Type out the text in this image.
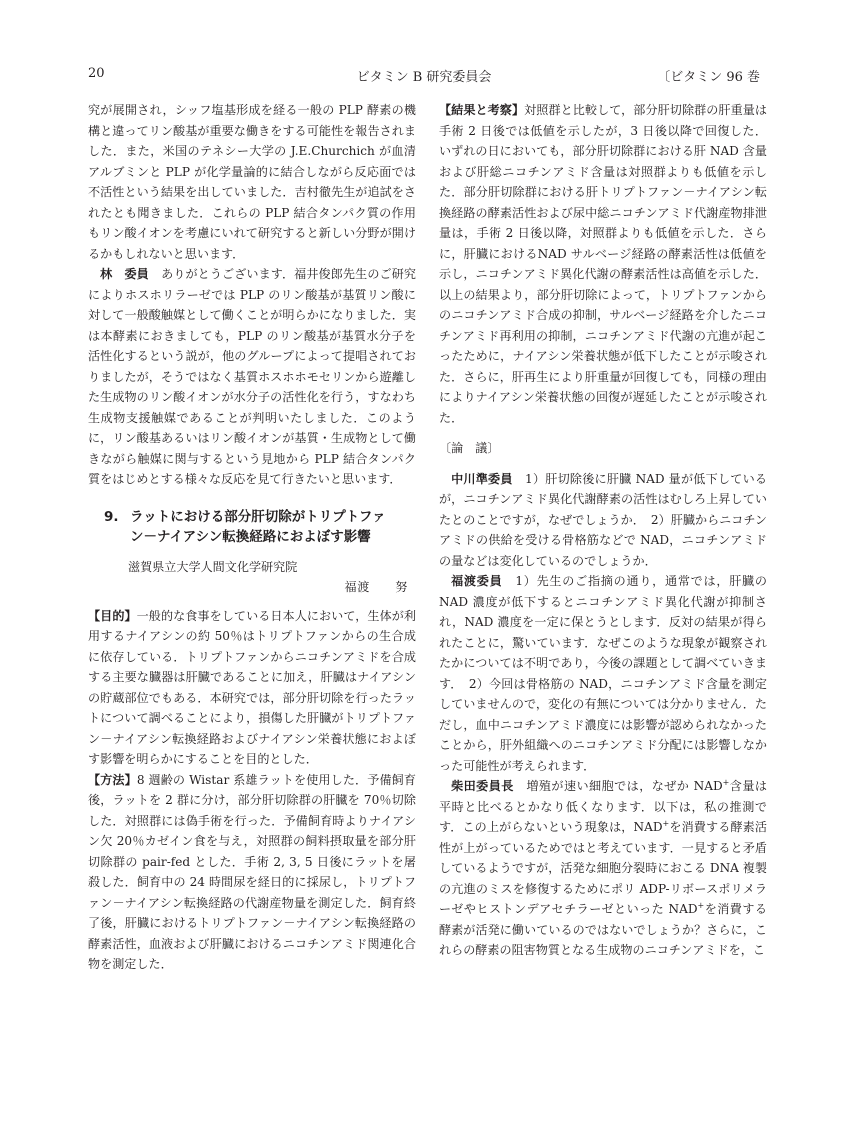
20	ビタミン B 研究委員会	〔ビタミン 96 巻

究が展開され，シッフ塩基形成を経る一般の PLP 酵素の機構と違ってリン酸基が重要な働きをする可能性を報告されました．また，米国のテネシー大学の J.E.Churchich が血清アルブミンと PLP が化学量論的に結合しながら反応面では不活性という結果を出していました．吉村徹先生が追試をされたとも聞きました．これらの PLP 結合タンパク質の作用もリン酸イオンを考慮にいれて研究すると新しい分野が開けるかもしれないと思います．

林　委員　 ありがとうございます．福井俊郎先生のご研究によりホスホリラーゼでは PLP のリン酸基が基質リン酸に対して一般酸触媒として働くことが明らかになりました．実は本酵素におきましても，PLP のリン酸基が基質水分子を活性化するという説が，他のグループによって提唱されておりましたが，そうではなく基質ホスホホモセリンから遊離した生成物のリン酸イオンが水分子の活性化を行う，すなわち生成物支援触媒であることが判明いたしました．このように，リン酸基あるいはリン酸イオンが基質・生成物として働きながら触媒に関与するという見地から PLP 結合タンパク質をはじめとする様々な反応を見て行きたいと思います．

9. ラットにおける部分肝切除がトリプトファ
ン－ナイアシン転換経路におよぼす影響

滋賀県立大学人間文化学研究院

福渡　　努

【目的】一般的な食事をしている日本人において，生体が利用するナイアシンの約 50％はトリプトファンからの生合成に依存している．トリプトファンからニコチンアミドを合成する主要な臓器は肝臓であることに加え，肝臓はナイアシンの貯蔵部位でもある．本研究では，部分肝切除を行ったラットについて調べることにより，損傷した肝臓がトリプトファン－ナイアシン転換経路およびナイアシン栄養状態におよぼす影響を明らかにすることを目的とした．

【方法】8 週齢の Wistar 系雄ラットを使用した．予備飼育後，ラットを 2 群に分け，部分肝切除群の肝臓を 70％切除した．対照群には偽手術を行った．予備飼育時よりナイアシン欠 20％カゼイン食を与え，対照群の飼料摂取量を部分肝切除群の pair-fed とした．手術 2, 3, 5 日後にラットを屠殺した．飼育中の 24 時間尿を経日的に採尿し，トリプトファン－ナイアシン転換経路の代謝産物量を測定した．飼育終了後，肝臓におけるトリプトファン－ナイアシン転換経路の酵素活性，血液および肝臓におけるニコチンアミド関連化合物を測定した．

【結果と考察】対照群と比較して，部分肝切除群の肝重量は手術 2 日後では低値を示したが，3 日後以降で回復した．いずれの日においても，部分肝切除群における肝 NAD 含量および肝総ニコチンアミド含量は対照群よりも低値を示した．部分肝切除群における肝トリプトファン－ナイアシン転換経路の酵素活性および尿中総ニコチンアミド代謝産物排泄量は，手術 2 日後以降，対照群よりも低値を示した．さらに，肝臓におけるNAD サルベージ経路の酵素活性は低値を示し，ニコチンアミド異化代謝の酵素活性は高値を示した．以上の結果より，部分肝切除によって，トリプトファンからのニコチンアミド合成の抑制，サルベージ経路を介したニコチンアミド再利用の抑制，ニコチンアミド代謝の亢進が起こったために，ナイアシン栄養状態が低下したことが示唆された．さらに，肝再生により肝重量が回復しても，同様の理由によりナイアシン栄養状態の回復が遅延したことが示唆された．

〔論　議〕

中川準委員　 1）肝切除後に肝臓 NAD 量が低下しているが，ニコチンアミド異化代謝酵素の活性はむしろ上昇していたとのことですが，なぜでしょうか．　2）肝臓からニコチンアミドの供給を受ける骨格筋などで NAD，ニコチンアミドの量などは変化しているのでしょうか．

福渡委員　 1）先生のご指摘の通り，通常では，肝臓の NAD 濃度が低下するとニコチンアミド異化代謝が抑制され，NAD 濃度を一定に保とうとします．反対の結果が得られたことに，驚いています．なぜこのような現象が観察されたかについては不明であり，今後の課題として調べていきます．　2）今回は骨格筋の NAD，ニコチンアミド含量を測定していませんので，変化の有無については分かりません．ただし，血中ニコチンアミド濃度には影響が認められなかったことから，肝外組織へのニコチンアミド分配には影響しなかった可能性が考えられます．

柴田委員長　 増殖が速い細胞では，なぜか NAD+含量は平時と比べるとかなり低くなります．以下は，私の推測です．この上がらないという現象は，NAD+を消費する酵素活性が上がっているためではと考えています．一見すると矛盾しているようですが，活発な細胞分裂時におこる DNA 複製の亢進のミスを修復するためにポリ ADP-リボースポリメラーゼやヒストンデアセチラーゼといった NAD+を消費する酵素が活発に働いているのではないでしょうか？さらに，これらの酵素の阻害物質となる生成物のニコチンアミドを，こ
